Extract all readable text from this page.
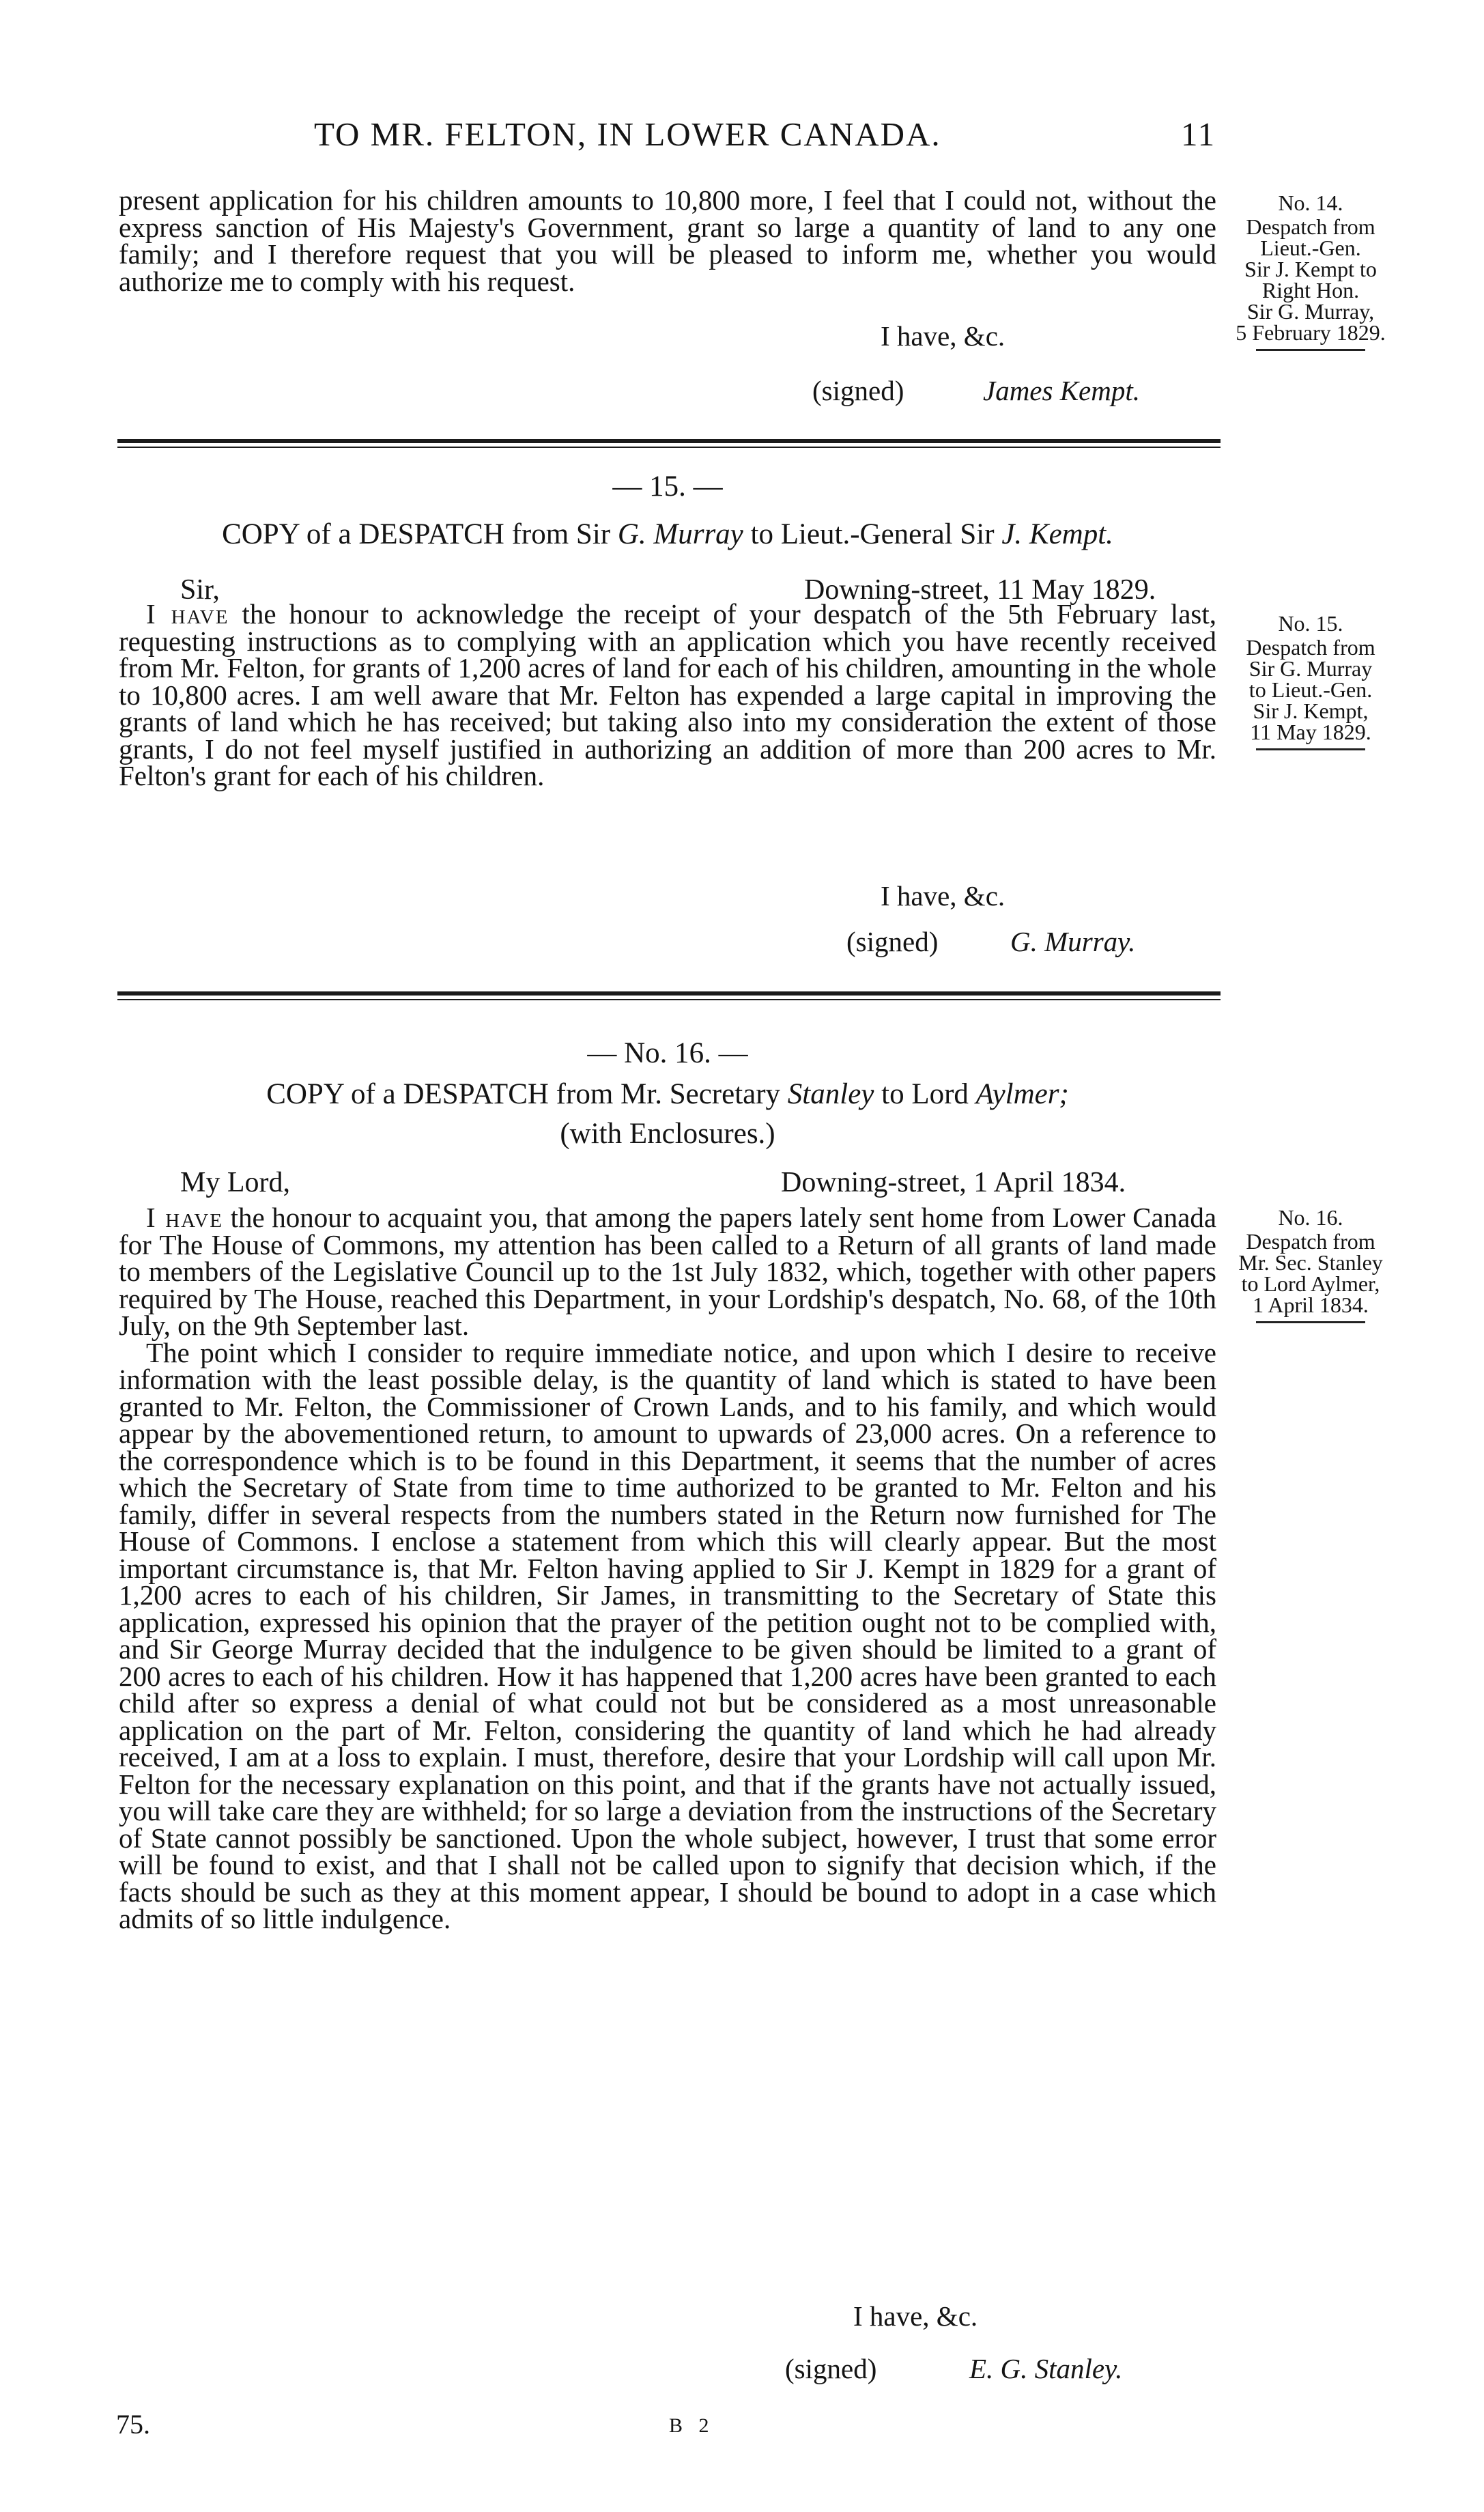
TO MR. FELTON, IN LOWER CANADA.	11

present application for his children amounts to 10,800 more, I feel that I could not, without the express sanction of His Majesty's Government, grant so large a quantity of land to any one family; and I therefore request that you will be pleased to inform me, whether you would authorize me to comply with his request.

I have, &c.
(signed)	James Kempt.
No. 14.
Despatch from
Lieut.-Gen.
Sir J. Kempt to
Right Hon.
Sir G. Murray,
5 February 1829.
— 15. —
COPY of a DESPATCH from Sir G. Murray to Lieut.-General Sir J. Kempt.
Sir,	Downing-street, 11 May 1829.

I have the honour to acknowledge the receipt of your despatch of the 5th February last, requesting instructions as to complying with an application which you have recently received from Mr. Felton, for grants of 1,200 acres of land for each of his children, amounting in the whole to 10,800 acres. I am well aware that Mr. Felton has expended a large capital in improving the grants of land which he has received; but taking also into my consideration the extent of those grants, I do not feel myself justified in authorizing an addition of more than 200 acres to Mr. Felton's grant for each of his children.

I have, &c.
(signed)	G. Murray.
No. 15.
Despatch from
Sir G. Murray
to Lieut.-Gen.
Sir J. Kempt,
11 May 1829.
— No. 16. —
COPY of a DESPATCH from Mr. Secretary Stanley to Lord Aylmer;
(with Enclosures.)
My Lord,	Downing-street, 1 April 1834.

I have the honour to acquaint you, that among the papers lately sent home from Lower Canada for The House of Commons, my attention has been called to a Return of all grants of land made to members of the Legislative Council up to the 1st July 1832, which, together with other papers required by The House, reached this Department, in your Lordship's despatch, No. 68, of the 10th July, on the 9th September last.

The point which I consider to require immediate notice, and upon which I desire to receive information with the least possible delay, is the quantity of land which is stated to have been granted to Mr. Felton, the Commissioner of Crown Lands, and to his family, and which would appear by the abovementioned return, to amount to upwards of 23,000 acres. On a reference to the correspondence which is to be found in this Department, it seems that the number of acres which the Secretary of State from time to time authorized to be granted to Mr. Felton and his family, differ in several respects from the numbers stated in the Return now furnished for The House of Commons. I enclose a statement from which this will clearly appear. But the most important circumstance is, that Mr. Felton having applied to Sir J. Kempt in 1829 for a grant of 1,200 acres to each of his children, Sir James, in transmitting to the Secretary of State this application, expressed his opinion that the prayer of the petition ought not to be complied with, and Sir George Murray decided that the indulgence to be given should be limited to a grant of 200 acres to each of his children. How it has happened that 1,200 acres have been granted to each child after so express a denial of what could not but be considered as a most unreasonable application on the part of Mr. Felton, considering the quantity of land which he had already received, I am at a loss to explain. I must, therefore, desire that your Lordship will call upon Mr. Felton for the necessary explanation on this point, and that if the grants have not actually issued, you will take care they are withheld; for so large a deviation from the instructions of the Secretary of State cannot possibly be sanctioned. Upon the whole subject, however, I trust that some error will be found to exist, and that I shall not be called upon to signify that decision which, if the facts should be such as they at this moment appear, I should be bound to adopt in a case which admits of so little indulgence.

I have, &c.
(signed)	E. G. Stanley.
No. 16.
Despatch from
Mr. Sec. Stanley
to Lord Aylmer,
1 April 1834.
75.	B 2
